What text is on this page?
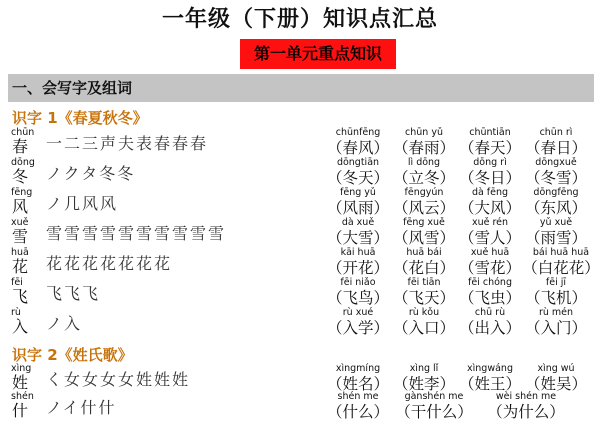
一年级（下册）知识点汇总
第一单元重点知识
一、会写字及组词
识字 1《春夏秋冬》
chūn
春 一二三声夫表春春春
chūnfēng
（春风）
chūn yǔ
（春雨）
chūntiān
（春天）
chūn rì
（春日）
dōng
冬 ノクタ冬冬
dōngtiān
（冬天）
lì dōng
（立冬）
dōng rì
（冬日）
dōngxuě
（冬雪）
fēng
风 ノ几风风
fēng yǔ
（风雨）
fēngyún
（风云）
dà fēng
（大风）
dōngfēng
（东风）
xuě
雪 雪雪雪雪雪雪雪雪雪雪
dà xuě
（大雪）
fēng xuě
（风雪）
xuě rén
（雪人）
yǔ xuě
（雨雪）
huā
花 花花花花花花花
kāi huā
（开花）
huā bái
（花白）
xuě huā
（雪花）
bái huā huā
（白花花）
fēi
飞 飞飞飞
fēi niǎo
（飞鸟）
fēi tiān
（飞天）
fēi chóng
（飞虫）
fēi jī
（飞机）
rù
入 ノ入
rù xué
（入学）
rù kǒu
（入口）
chū rù
（出入）
rù mén
（入门）
识字 2《姓氏歌》
xìng
姓 く女女女女姓姓姓
xìngmíng
（姓名）
xìng lǐ
（姓李）
xìngwáng
（姓王）
xìng wú
（姓吴）
shén
什 ノイ什什
shén me
（什么）
gànshén me
（干什么）
wèi shén me
（为什么）
